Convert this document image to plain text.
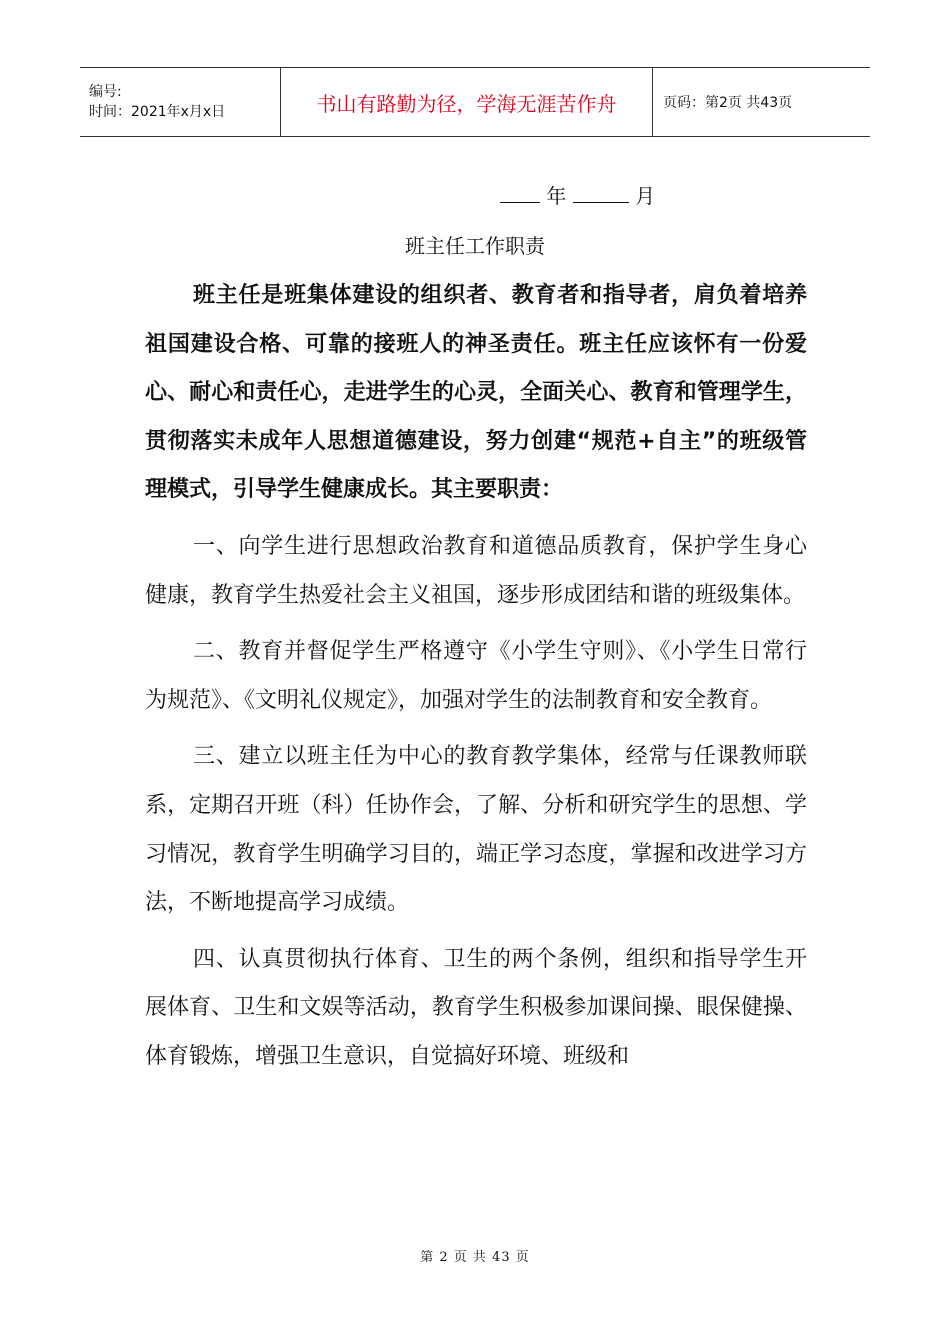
编号:
时间：2021年x月x日	书山有路勤为径，学海无涯苦作舟	页码：第2页 共43页
年	月
班主任工作职责

班主任是班集体建设的组织者、教育者和指导者，肩负着培养祖国建设合格、可靠的接班人的神圣责任。班主任应该怀有一份爱心、耐心和责任心，走进学生的心灵，全面关心、教育和管理学生，贯彻落实未成年人思想道德建设，努力创建“规范+自主”的班级管理模式，引导学生健康成长。其主要职责：

一、向学生进行思想政治教育和道德品质教育，保护学生身心健康，教育学生热爱社会主义祖国，逐步形成团结和谐的班级集体。

二、教育并督促学生严格遵守《小学生守则》、《小学生日常行为规范》、《文明礼仪规定》，加强对学生的法制教育和安全教育。

三、建立以班主任为中心的教育教学集体，经常与任课教师联系，定期召开班（科）任协作会，了解、分析和研究学生的思想、学习情况，教育学生明确学习目的，端正学习态度，掌握和改进学习方法，不断地提高学习成绩。

四、认真贯彻执行体育、卫生的两个条例，组织和指导学生开展体育、卫生和文娱等活动，教育学生积极参加课间操、眼保健操、体育锻炼，增强卫生意识，自觉搞好环境、班级和

第 2 页 共 43 页
